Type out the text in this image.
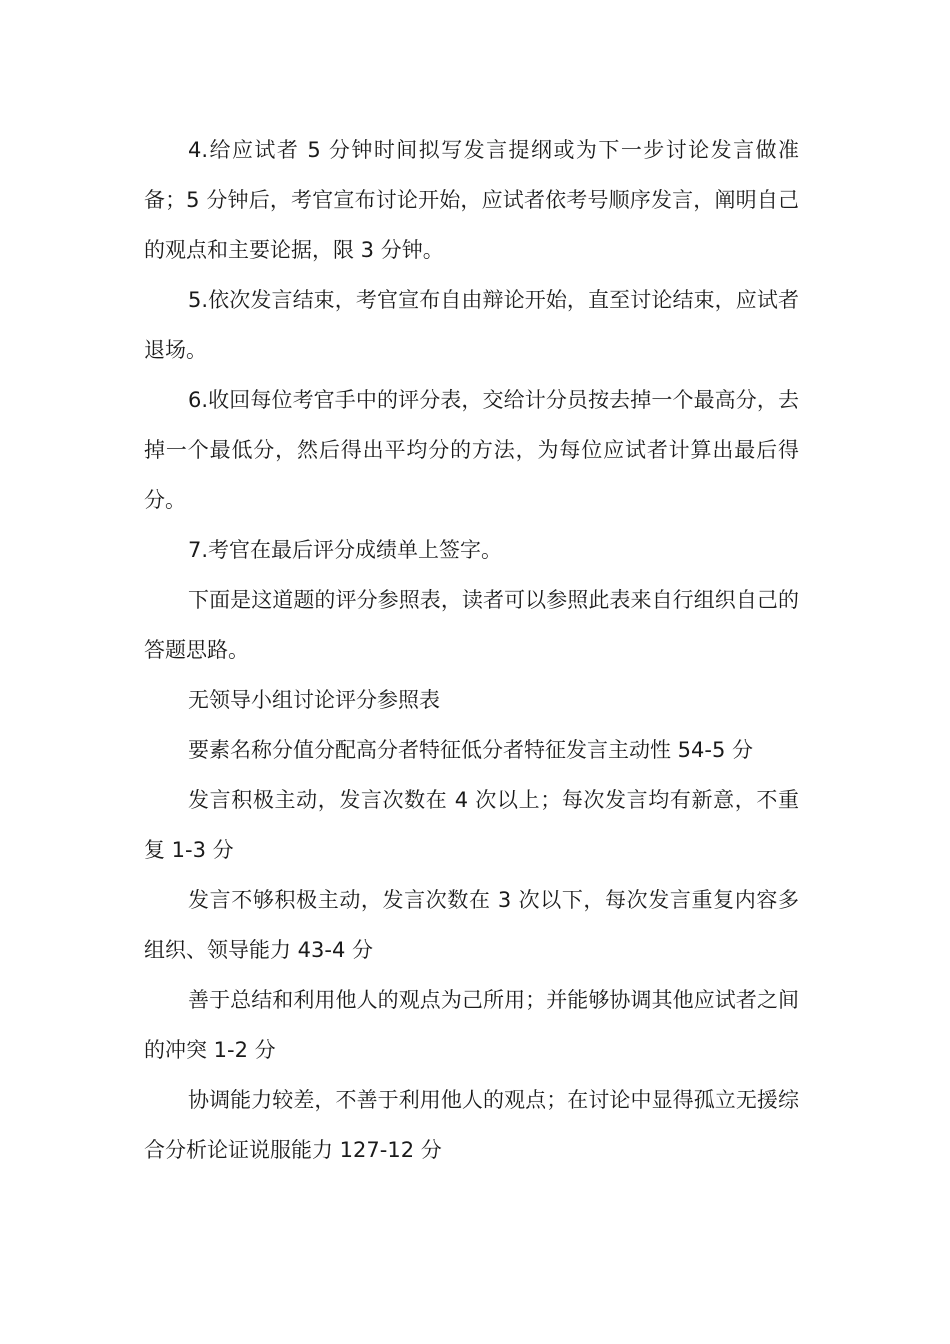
4.给应试者 5 分钟时间拟写发言提纲或为下一步讨论发言做准备；5 分钟后，考官宣布讨论开始，应试者依考号顺序发言，阐明自己的观点和主要论据，限 3 分钟。

5.依次发言结束，考官宣布自由辩论开始，直至讨论结束，应试者退场。

6.收回每位考官手中的评分表，交给计分员按去掉一个最高分，去掉一个最低分，然后得出平均分的方法，为每位应试者计算出最后得分。

7.考官在最后评分成绩单上签字。

下面是这道题的评分参照表，读者可以参照此表来自行组织自己的答题思路。

无领导小组讨论评分参照表

要素名称分值分配高分者特征低分者特征发言主动性 54-5 分

发言积极主动，发言次数在 4 次以上；每次发言均有新意，不重复 1-3 分

发言不够积极主动，发言次数在 3 次以下，每次发言重复内容多组织、领导能力 43-4 分

善于总结和利用他人的观点为己所用；并能够协调其他应试者之间的冲突 1-2 分

协调能力较差，不善于利用他人的观点；在讨论中显得孤立无援综合分析论证说服能力 127-12 分
